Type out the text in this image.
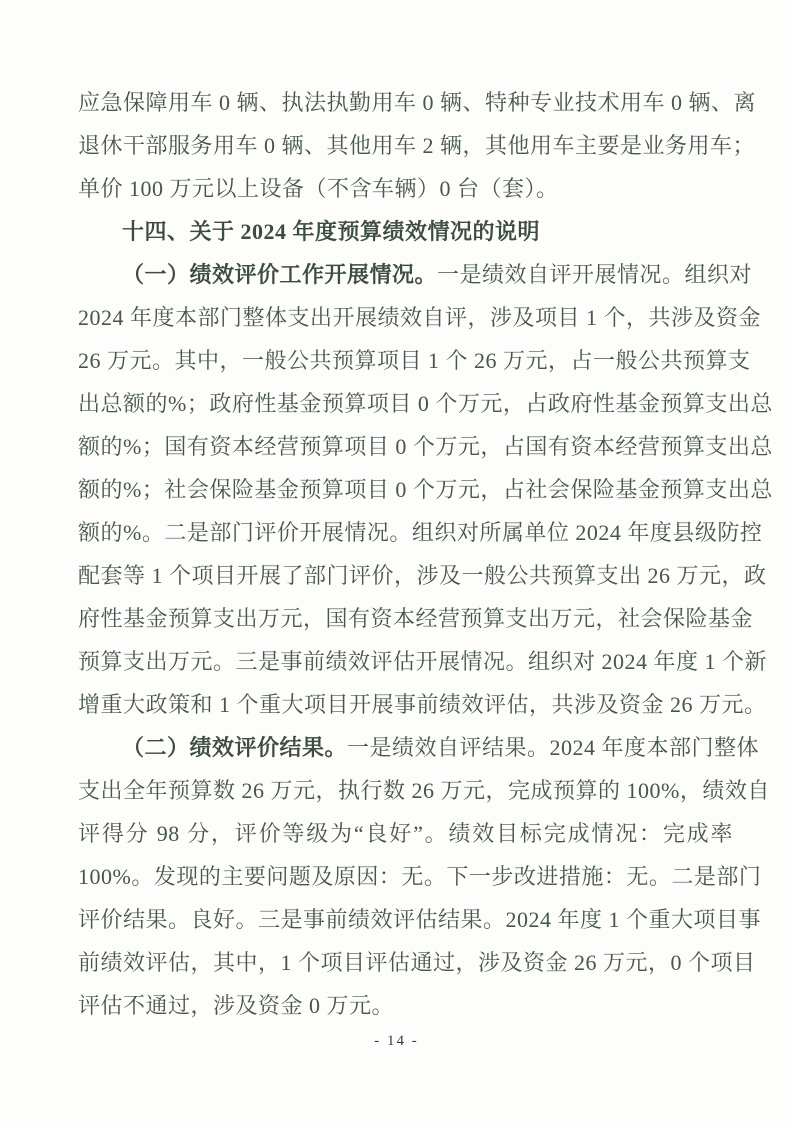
应急保障用车 0 辆、执法执勤用车 0 辆、特种专业技术用车 0 辆、离
退休干部服务用车 0 辆、其他用车 2 辆，其他用车主要是业务用车；
单价 100 万元以上设备（不含车辆）0 台（套）。
十四、关于 2024 年度预算绩效情况的说明
（一）绩效评价工作开展情况。一是绩效自评开展情况。组织对
2024 年度本部门整体支出开展绩效自评，涉及项目 1 个，共涉及资金
26 万元。其中，一般公共预算项目 1 个 26 万元，占一般公共预算支
出总额的%；政府性基金预算项目 0 个万元，占政府性基金预算支出总
额的%；国有资本经营预算项目 0 个万元，占国有资本经营预算支出总
额的%；社会保险基金预算项目 0 个万元，占社会保险基金预算支出总
额的%。二是部门评价开展情况。组织对所属单位 2024 年度县级防控
配套等 1 个项目开展了部门评价，涉及一般公共预算支出 26 万元，政
府性基金预算支出万元，国有资本经营预算支出万元，社会保险基金
预算支出万元。三是事前绩效评估开展情况。组织对 2024 年度 1 个新
增重大政策和 1 个重大项目开展事前绩效评估，共涉及资金 26 万元。
（二）绩效评价结果。一是绩效自评结果。2024 年度本部门整体
支出全年预算数 26 万元，执行数 26 万元，完成预算的 100%，绩效自
评得分 98 分，评价等级为“良好”。绩效目标完成情况：完成率
100%。发现的主要问题及原因：无。下一步改进措施：无。二是部门
评价结果。良好。三是事前绩效评估结果。2024 年度 1 个重大项目事
前绩效评估，其中，1 个项目评估通过，涉及资金 26 万元，0 个项目
评估不通过，涉及资金 0 万元。
- 14 -
